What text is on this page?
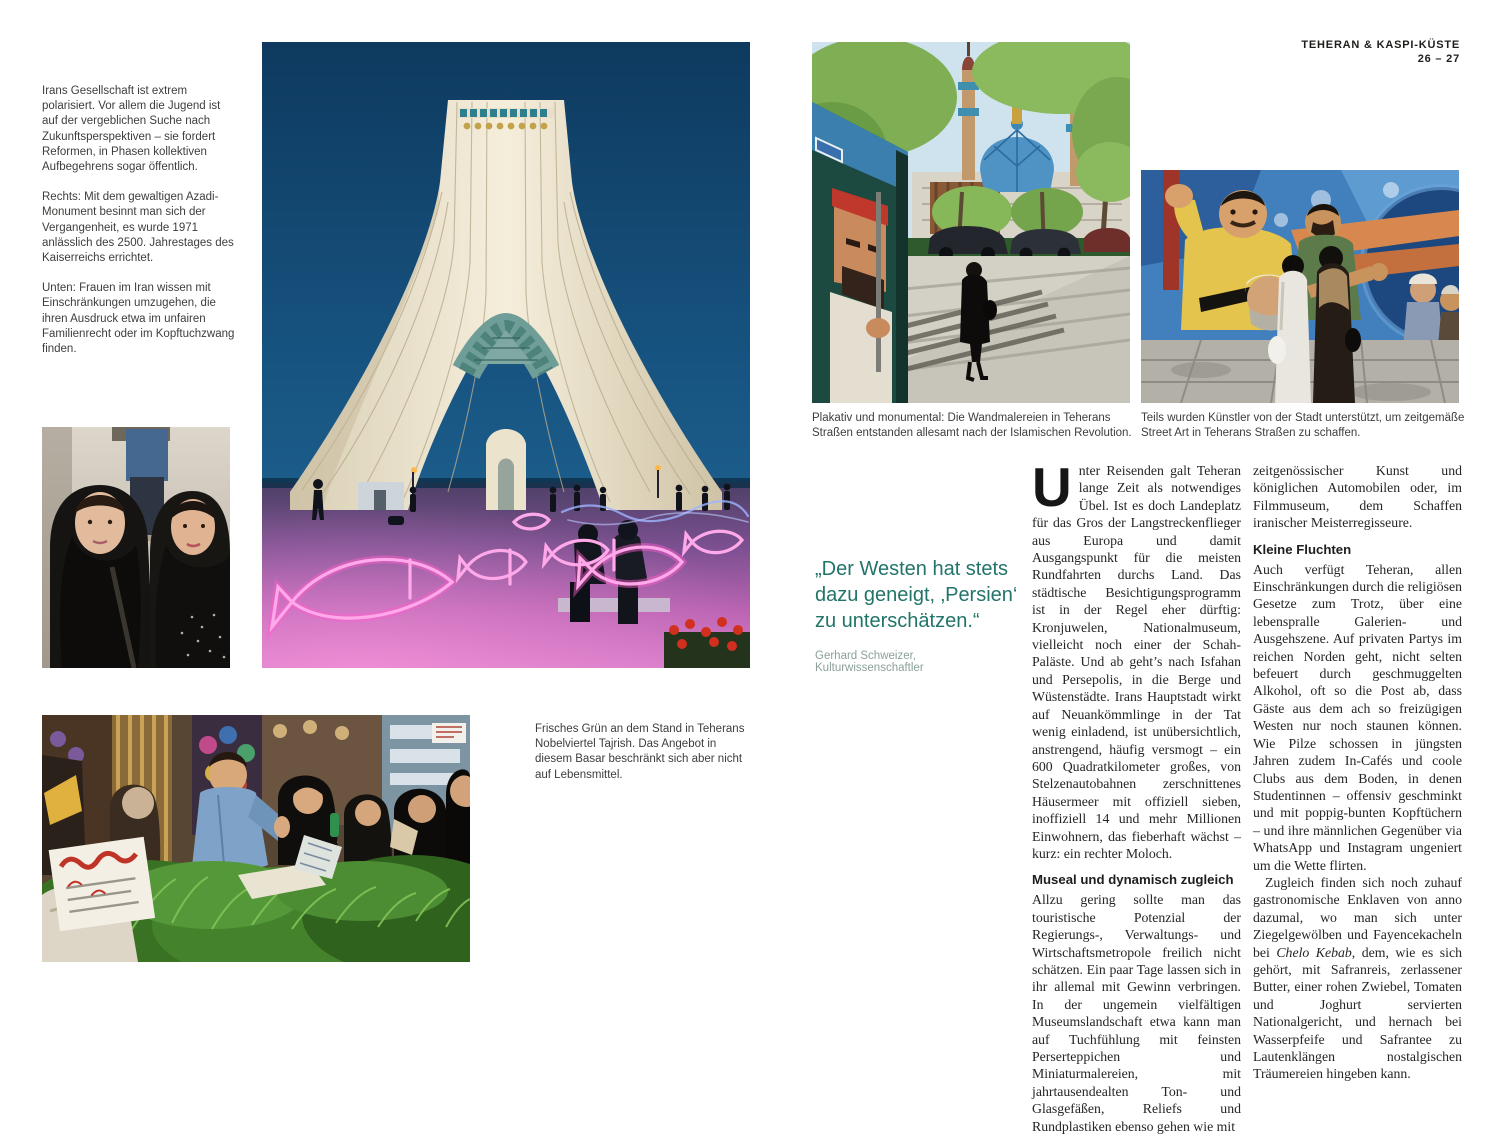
TEHERAN & KASPI-KÜSTE
26 – 27

Irans Gesellschaft ist extrem polarisiert. Vor allem die Jugend ist auf der vergeblichen Suche nach Zukunftsperspektiven – sie fordert Reformen, in Phasen kollektiven Aufbegehrens sogar öffentlich.

Rechts: Mit dem gewaltigen Azadi-Monument besinnt man sich der Vergangenheit, es wurde 1971 anlässlich des 2500. Jahrestages des Kaiserreichs errichtet.

Unten: Frauen im Iran wissen mit Einschränkungen umzugehen, die ihren Ausdruck etwa im unfairen Familienrecht oder im Kopftuchzwang finden.

Frisches Grün an dem Stand in Teherans Nobelviertel Tajrish. Das Angebot in diesem Basar beschränkt sich aber nicht auf Lebensmittel.

Plakativ und monumental: Die Wandmalereien in Teherans Straßen entstanden allesamt nach der Islamischen Revolution.

Teils wurden Künstler von der Stadt unterstützt, um zeitgemäße Street Art in Teherans Straßen zu schaffen.

„Der Westen hat stets dazu geneigt, ‚Persien‘ zu unterschätzen.“

Gerhard Schweizer, Kulturwissenschaftler

Unter Reisenden galt Teheran lange Zeit als notwendiges Übel. Ist es doch Landeplatz für das Gros der Langstreckenflieger aus Europa und damit Ausgangspunkt für die meisten Rundfahrten durchs Land. Das städtische Besichtigungsprogramm ist in der Regel eher dürftig: Kronjuwelen, Nationalmuseum, vielleicht noch einer der Schah-Paläste. Und ab geht’s nach Isfahan und Persepolis, in die Berge und Wüstenstädte. Irans Hauptstadt wirkt auf Neuankömmlinge in der Tat wenig einladend, ist unübersichtlich, anstrengend, häufig versmogt – ein 600 Quadratkilometer großes, von Stelzenautobahnen zerschnittenes Häusermeer mit offiziell sieben, inoffiziell 14 und mehr Millionen Einwohnern, das fieberhaft wächst – kurz: ein rechter Moloch.

Museal und dynamisch zugleich

Allzu gering sollte man das touristische Potenzial der Regierungs-, Verwaltungs- und Wirtschaftsmetropole freilich nicht schätzen. Ein paar Tage lassen sich in ihr allemal mit Gewinn verbringen. In der ungemein vielfältigen Museumslandschaft etwa kann man auf Tuchfühlung mit feinsten Perserteppichen und Miniaturmalereien, mit jahrtausendealten Ton- und Glasgefäßen, Reliefs und Rundplastiken ebenso gehen wie mit

zeitgenössischer Kunst und königlichen Automobilen oder, im Filmmuseum, dem Schaffen iranischer Meisterregisseure.

Kleine Fluchten

Auch verfügt Teheran, allen Einschränkungen durch die religiösen Gesetze zum Trotz, über eine lebenspralle Galerien- und Ausgehszene. Auf privaten Partys im reichen Norden geht, nicht selten befeuert durch geschmuggelten Alkohol, oft so die Post ab, dass Gäste aus dem ach so freizügigen Westen nur noch staunen können. Wie Pilze schossen in jüngsten Jahren zudem In-Cafés und coole Clubs aus dem Boden, in denen Studentinnen – offensiv geschminkt und mit poppig-bunten Kopftüchern – und ihre männlichen Gegenüber via WhatsApp und Instagram ungeniert um die Wette flirten.

Zugleich finden sich noch zuhauf gastronomische Enklaven von anno dazumal, wo man sich unter Ziegelgewölben und Fayencekacheln bei Chelo Kebab, dem, wie es sich gehört, mit Safranreis, zerlassener Butter, einer rohen Zwiebel, Tomaten und Joghurt servierten Nationalgericht, und hernach bei Wasserpfeife und Safrantee zu Lautenklängen nostalgischen Träumereien hingeben kann.
